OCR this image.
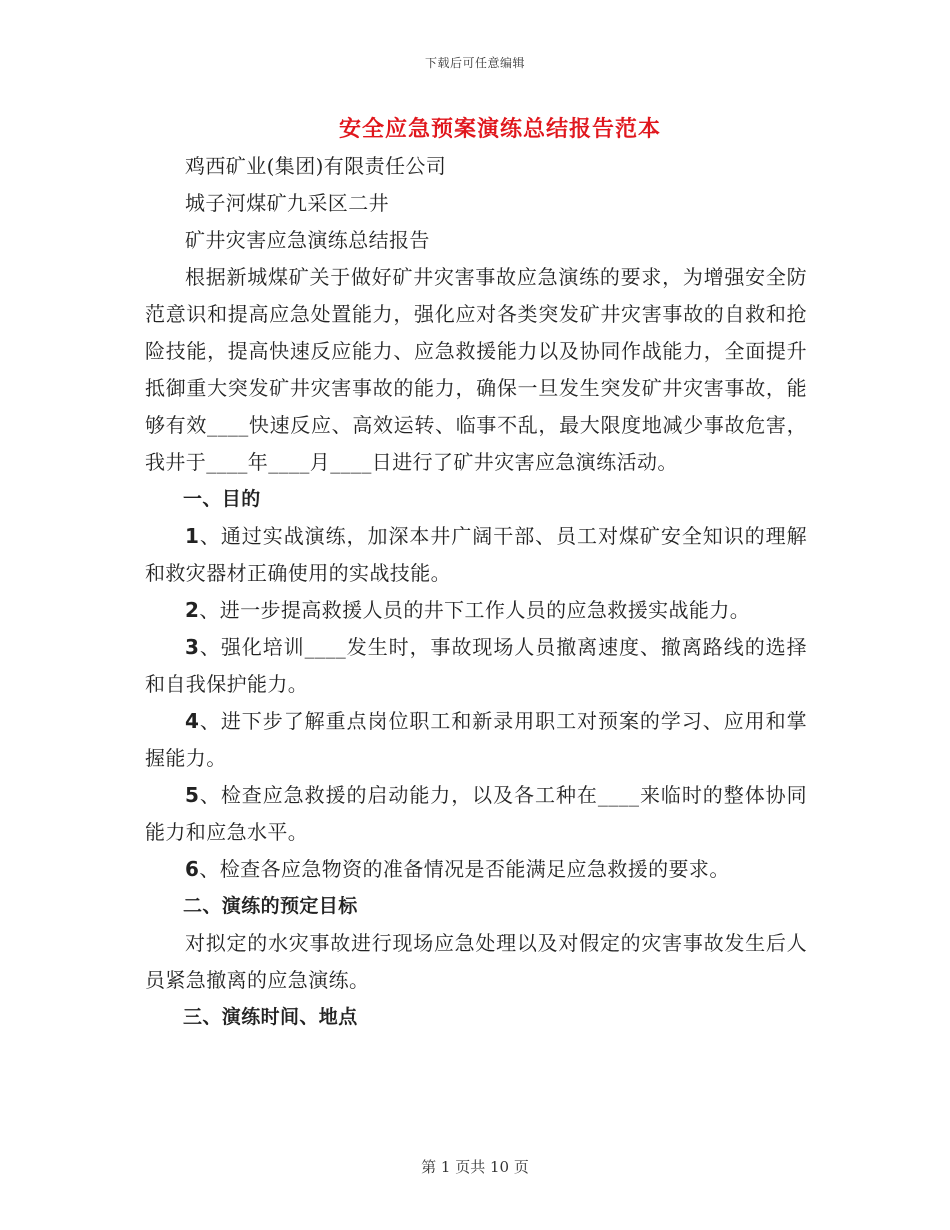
下载后可任意编辑
安全应急预案演练总结报告范本

鸡西矿业(集团)有限责任公司

城子河煤矿九采区二井

矿井灾害应急演练总结报告

根据新城煤矿关于做好矿井灾害事故应急演练的要求，为增强安全防范意识和提高应急处置能力，强化应对各类突发矿井灾害事故的自救和抢险技能，提高快速反应能力、应急救援能力以及协同作战能力，全面提升抵御重大突发矿井灾害事故的能力，确保一旦发生突发矿井灾害事故，能够有效____快速反应、高效运转、临事不乱，最大限度地减少事故危害，我井于____年____月____日进行了矿井灾害应急演练活动。

一、目的

1、通过实战演练，加深本井广阔干部、员工对煤矿安全知识的理解和救灾器材正确使用的实战技能。

2、进一步提高救援人员的井下工作人员的应急救援实战能力。

3、强化培训____发生时，事故现场人员撤离速度、撤离路线的选择和自我保护能力。

4、进下步了解重点岗位职工和新录用职工对预案的学习、应用和掌握能力。

5、检查应急救援的启动能力，以及各工种在____来临时的整体协同能力和应急水平。

6、检查各应急物资的准备情况是否能满足应急救援的要求。

二、演练的预定目标

对拟定的水灾事故进行现场应急处理以及对假定的灾害事故发生后人员紧急撤离的应急演练。

三、演练时间、地点

第 1 页共 10 页
